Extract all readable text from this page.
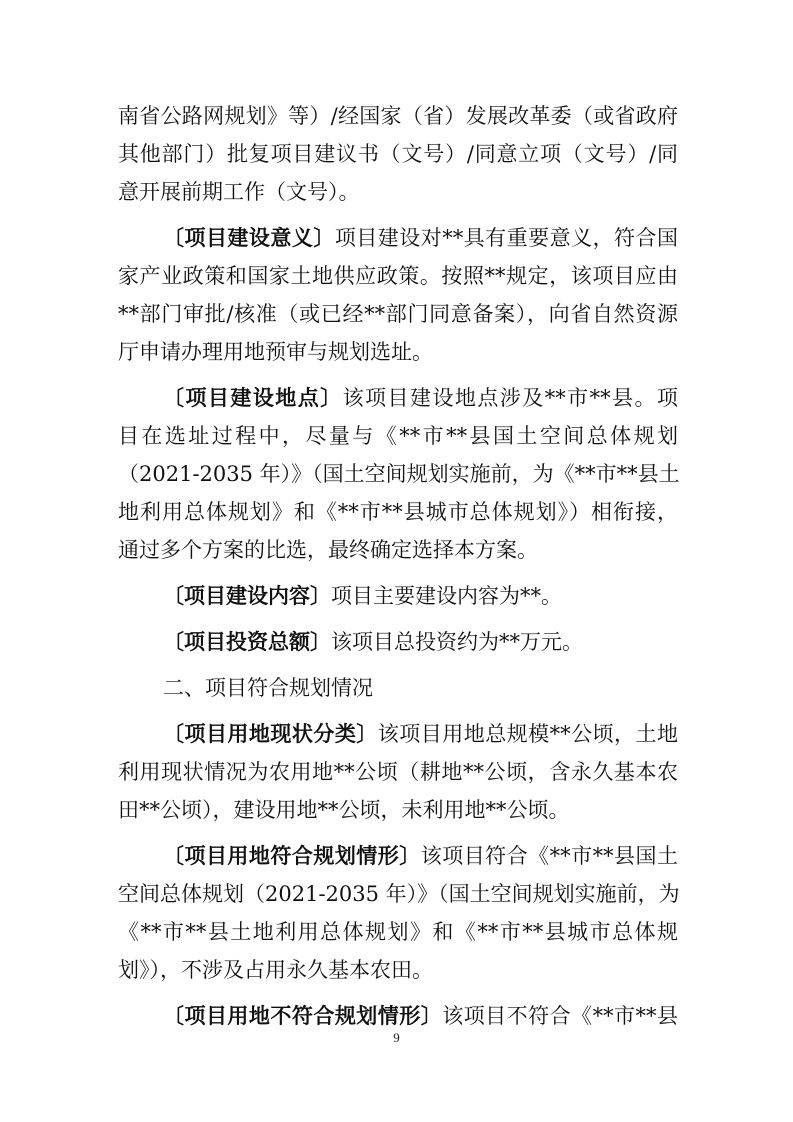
南省公路网规划》等）/经国家（省）发展改革委（或省政府
其他部门）批复项目建议书（文号）/同意立项（文号）/同
意开展前期工作（文号）。
〔项目建设意义〕项目建设对**具有重要意义，符合国
家产业政策和国家土地供应政策。按照**规定，该项目应由
**部门审批/核准（或已经**部门同意备案），向省自然资源
厅申请办理用地预审与规划选址。
〔项目建设地点〕该项目建设地点涉及**市**县。项
目在选址过程中，尽量与《**市**县国土空间总体规划
（2021-2035 年）》（国土空间规划实施前，为《**市**县土
地利用总体规划》和《**市**县城市总体规划》）相衔接，
通过多个方案的比选，最终确定选择本方案。
〔项目建设内容〕项目主要建设内容为**。
〔项目投资总额〕该项目总投资约为**万元。
二、项目符合规划情况
〔项目用地现状分类〕该项目用地总规模**公顷，土地
利用现状情况为农用地**公顷（耕地**公顷，含永久基本农
田**公顷），建设用地**公顷，未利用地**公顷。
〔项目用地符合规划情形〕该项目符合《**市**县国土
空间总体规划（2021-2035 年）》（国土空间规划实施前，为
《**市**县土地利用总体规划》和《**市**县城市总体规
划》），不涉及占用永久基本农田。
〔项目用地不符合规划情形〕该项目不符合《**市**县
9
